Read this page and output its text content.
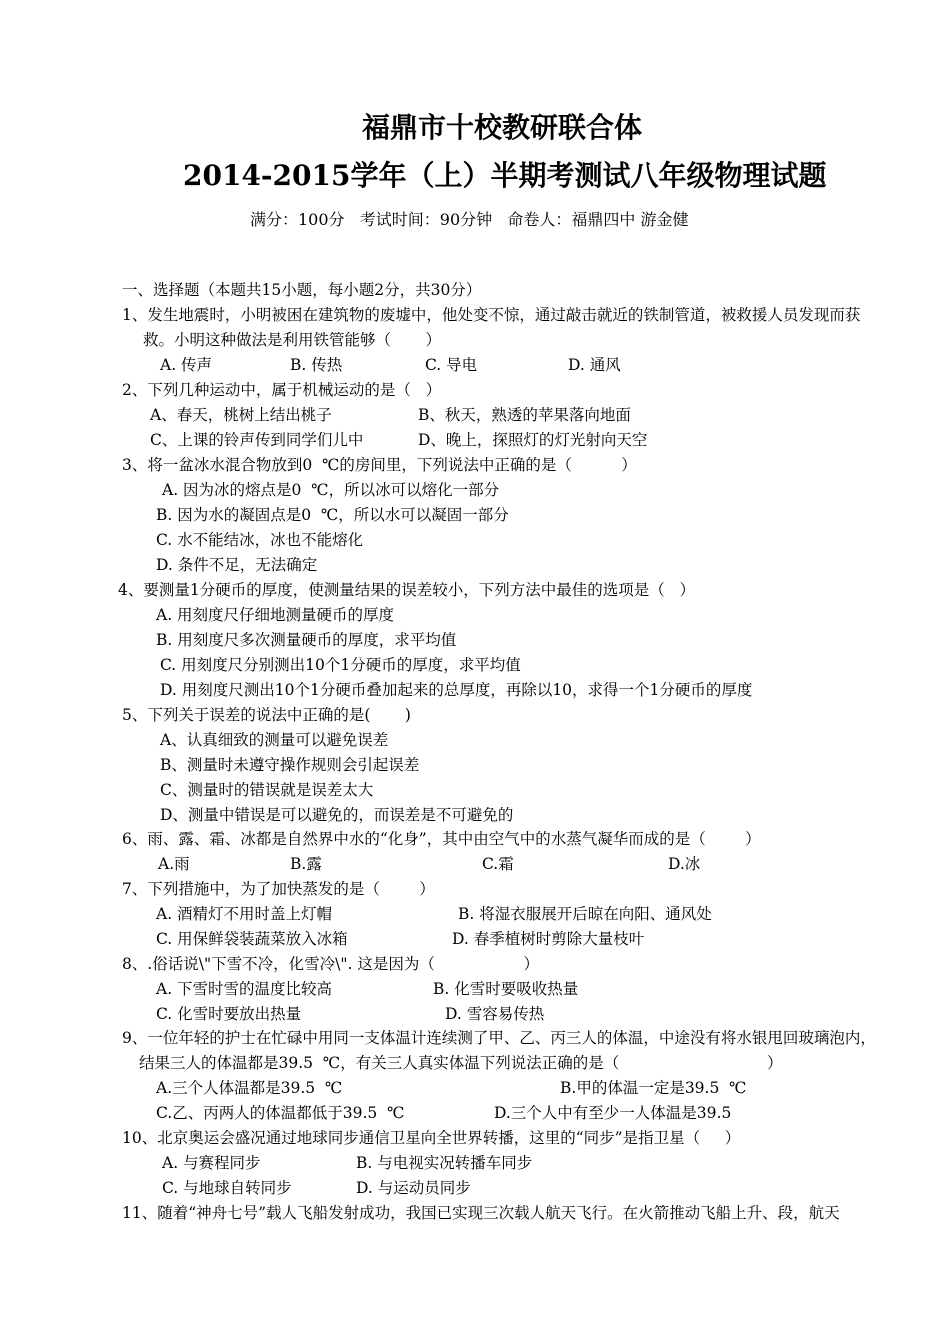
福鼎市十校教研联合体
2014-2015学年（上）半期考测试八年级物理试题
满分：100分   考试时间：90分钟   命卷人：福鼎四中 游金健
一、选择题（本题共15小题，每小题2分，共30分）
1、发生地震时，小明被困在建筑物的废墟中，他处变不惊，通过敲击就近的铁制管道，被救援人员发现而获
救。小明这种做法是利用铁管能够（       ）
A. 传声	B. 传热	C. 导电	D. 通风
2、下列几种运动中，属于机械运动的是（   ）
A、春天，桃树上结出桃子	B、秋天，熟透的苹果落向地面
C、上课的铃声传到同学们儿中	D、晚上，探照灯的灯光射向天空
3、将一盆冰水混合物放到0  ℃的房间里，下列说法中正确的是（          ）
A. 因为冰的熔点是0  ℃，所以冰可以熔化一部分
B. 因为水的凝固点是0  ℃，所以水可以凝固一部分
C. 水不能结冰，冰也不能熔化
D. 条件不足，无法确定
4、要测量1分硬币的厚度，使测量结果的误差较小，下列方法中最佳的选项是（   ）
A. 用刻度尺仔细地测量硬币的厚度
B. 用刻度尺多次测量硬币的厚度，求平均值
C. 用刻度尺分别测出10个1分硬币的厚度，求平均值
D. 用刻度尺测出10个1分硬币叠加起来的总厚度，再除以10，求得一个1分硬币的厚度
5、下列关于误差的说法中正确的是(       )
A、认真细致的测量可以避免误差
B、测量时未遵守操作规则会引起误差
C、测量时的错误就是误差太大
D、测量中错误是可以避免的，而误差是不可避免的
6、雨、露、霜、冰都是自然界中水的“化身”，其中由空气中的水蒸气凝华而成的是（        ）
A.雨	B.露	C.霜	D.冰
7、下列措施中，为了加快蒸发的是（        ）
A. 酒精灯不用时盖上灯帽	B. 将湿衣服展开后晾在向阳、通风处
C. 用保鲜袋装蔬菜放入冰箱	D. 春季植树时剪除大量枝叶
8、.俗话说\"下雪不冷，化雪冷\". 这是因为（                  ）
A. 下雪时雪的温度比较高	B. 化雪时要吸收热量
C. 化雪时要放出热量	D. 雪容易传热
9、一位年轻的护士在忙碌中用同一支体温计连续测了甲、乙、丙三人的体温，中途没有将水银甩回玻璃泡内，
结果三人的体温都是39.5  ℃，有关三人真实体温下列说法正确的是（                              ）
A.三个人体温都是39.5  ℃	B.甲的体温一定是39.5  ℃
C.乙、丙两人的体温都低于39.5  ℃	D.三个人中有至少一人体温是39.5
10、北京奥运会盛况通过地球同步通信卫星向全世界转播，这里的“同步”是指卫星（     ）
A. 与赛程同步	B. 与电视实况转播车同步
C. 与地球自转同步	D. 与运动员同步
11、随着“神舟七号”载人飞船发射成功，我国已实现三次载人航天飞行。在火箭推动飞船上升、段，航天
